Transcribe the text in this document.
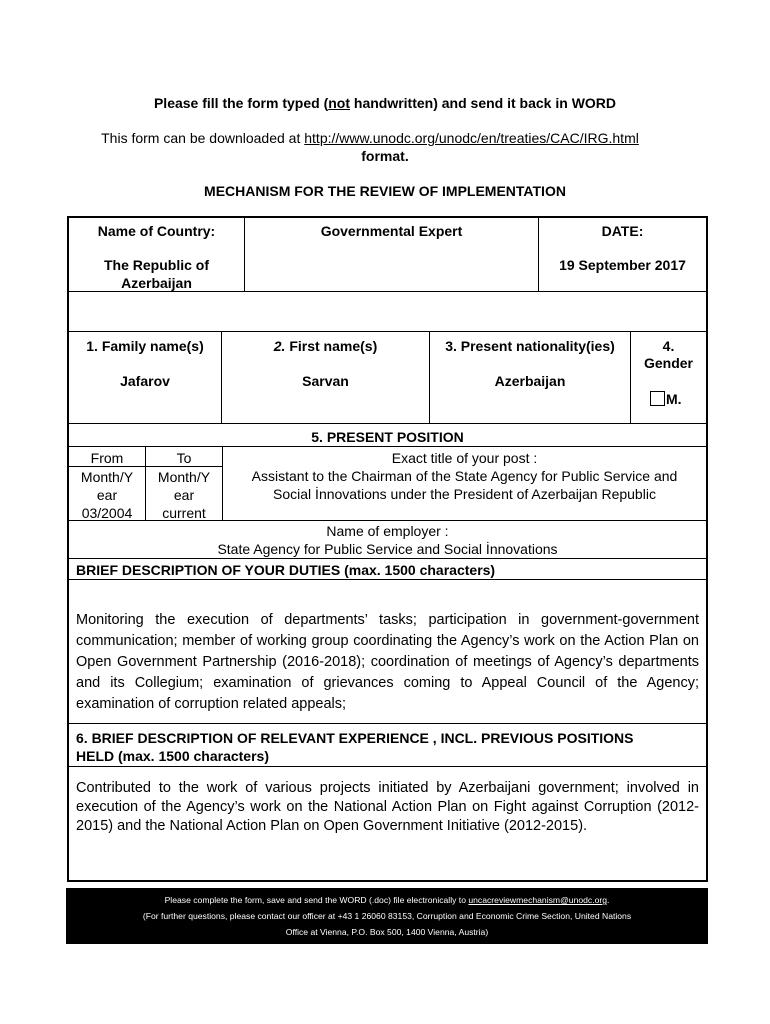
Please fill the form typed (not handwritten) and send it back in WORD
This form can be downloaded at http://www.unodc.org/unodc/en/treaties/CAC/IRG.html
format.
MECHANISM FOR THE REVIEW OF IMPLEMENTATION
Name of Country:
The Republic of
Azerbaijan
Governmental Expert	DATE:
19 September 2017
1. Family name(s)
Jafarov
2. First name(s)
Sarvan
3. Present nationality(ies)
Azerbaijan
4.
Gender
M.
5. PRESENT POSITION
From	To
Month/Y
ear
03/2004
Month/Y
ear
current
Exact title of your post :
Assistant to the Chairman of the State Agency for Public Service and
Social İnnovations under the President of Azerbaijan Republic
Name of employer :
State Agency for Public Service and Social İnnovations
BRIEF DESCRIPTION OF YOUR DUTIES (max. 1500 characters)
Monitoring the execution of departments’ tasks; participation in government-government communication; member of working group coordinating the Agency’s work on the Action Plan on Open Government Partnership (2016-2018); coordination of meetings of Agency’s departments and its Collegium; examination of grievances coming to Appeal Council of the Agency; examination of corruption related appeals;
6. BRIEF DESCRIPTION OF RELEVANT EXPERIENCE , INCL. PREVIOUS POSITIONS
HELD (max. 1500 characters)
Contributed to the work of various projects initiated by Azerbaijani government; involved in execution of the Agency’s work on the National Action Plan on Fight against Corruption (2012-2015) and the National Action Plan on Open Government Initiative (2012-2015).
Please complete the form, save and send the WORD (.doc) file electronically to uncacreviewmechanism@unodc.org.
(For further questions, please contact our officer at +43 1 26060 83153, Corruption and Economic Crime Section, United Nations
Office at Vienna, P.O. Box 500, 1400 Vienna, Austria)
